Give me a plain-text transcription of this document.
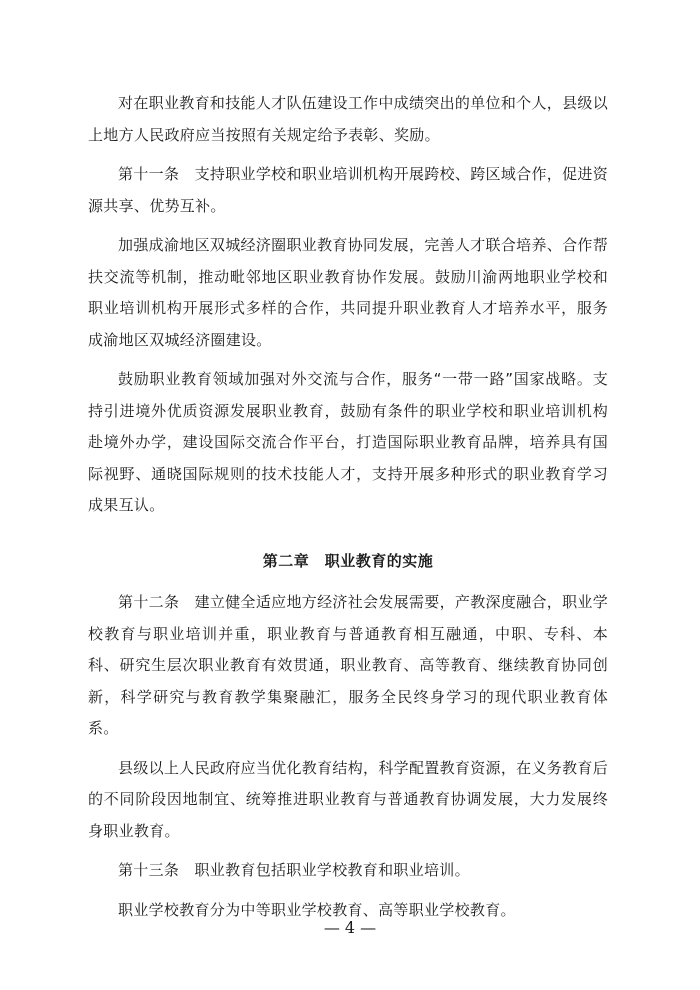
对在职业教育和技能人才队伍建设工作中成绩突出的单位和个人，县级以上地方人民政府应当按照有关规定给予表彰、奖励。

第十一条　支持职业学校和职业培训机构开展跨校、跨区域合作，促进资源共享、优势互补。

加强成渝地区双城经济圈职业教育协同发展，完善人才联合培养、合作帮扶交流等机制，推动毗邻地区职业教育协作发展。鼓励川渝两地职业学校和职业培训机构开展形式多样的合作，共同提升职业教育人才培养水平，服务成渝地区双城经济圈建设。

鼓励职业教育领域加强对外交流与合作，服务“一带一路”国家战略。支持引进境外优质资源发展职业教育，鼓励有条件的职业学校和职业培训机构赴境外办学，建设国际交流合作平台，打造国际职业教育品牌，培养具有国际视野、通晓国际规则的技术技能人才，支持开展多种形式的职业教育学习成果互认。

第二章　职业教育的实施

第十二条　建立健全适应地方经济社会发展需要，产教深度融合，职业学校教育与职业培训并重，职业教育与普通教育相互融通，中职、专科、本科、研究生层次职业教育有效贯通，职业教育、高等教育、继续教育协同创新，科学研究与教育教学集聚融汇，服务全民终身学习的现代职业教育体系。

县级以上人民政府应当优化教育结构，科学配置教育资源，在义务教育后的不同阶段因地制宜、统筹推进职业教育与普通教育协调发展，大力发展终身职业教育。

第十三条　职业教育包括职业学校教育和职业培训。

职业学校教育分为中等职业学校教育、高等职业学校教育。

— 4 —
